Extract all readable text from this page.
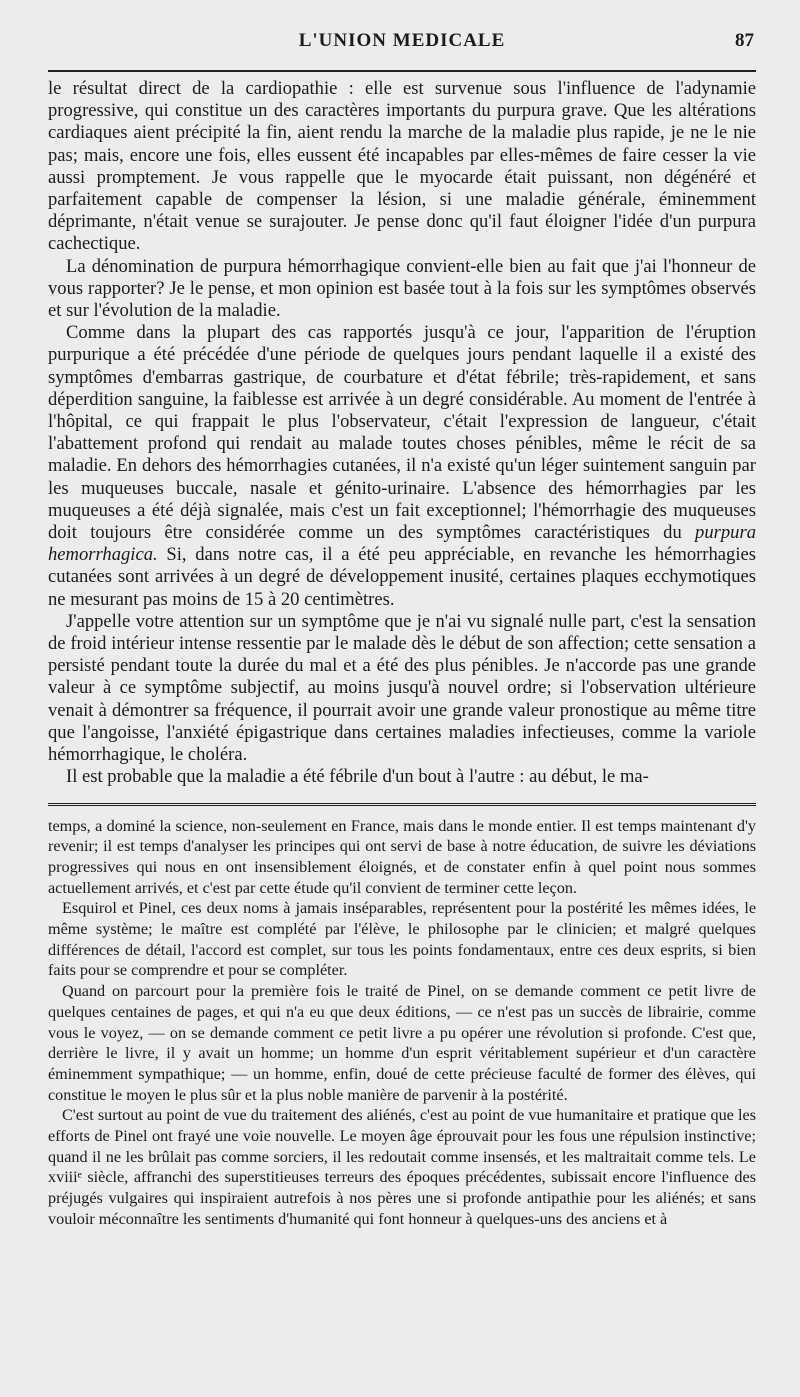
L'UNION MEDICALE	87

le résultat direct de la cardiopathie : elle est survenue sous l'influence de l'adynamie progressive, qui constitue un des caractères importants du purpura grave. Que les altérations cardiaques aient précipité la fin, aient rendu la marche de la maladie plus rapide, je ne le nie pas; mais, encore une fois, elles eussent été incapables par elles-mêmes de faire cesser la vie aussi promptement. Je vous rappelle que le myocarde était puissant, non dégénéré et parfaitement capable de compenser la lésion, si une maladie générale, éminemment déprimante, n'était venue se surajouter. Je pense donc qu'il faut éloigner l'idée d'un purpura cachectique.

La dénomination de purpura hémorrhagique convient-elle bien au fait que j'ai l'honneur de vous rapporter? Je le pense, et mon opinion est basée tout à la fois sur les symptômes observés et sur l'évolution de la maladie.

Comme dans la plupart des cas rapportés jusqu'à ce jour, l'apparition de l'éruption purpurique a été précédée d'une période de quelques jours pendant laquelle il a existé des symptômes d'embarras gastrique, de courbature et d'état fébrile; très-rapidement, et sans déperdition sanguine, la faiblesse est arrivée à un degré considérable. Au moment de l'entrée à l'hôpital, ce qui frappait le plus l'observateur, c'était l'expression de langueur, c'était l'abattement profond qui rendait au malade toutes choses pénibles, même le récit de sa maladie. En dehors des hémorrhagies cutanées, il n'a existé qu'un léger suintement sanguin par les muqueuses buccale, nasale et génito-urinaire. L'absence des hémorrhagies par les muqueuses a été déjà signalée, mais c'est un fait exceptionnel; l'hémorrhagie des muqueuses doit toujours être considérée comme un des symptômes caractéristiques du purpura hemorrhagica. Si, dans notre cas, il a été peu appréciable, en revanche les hémorrhagies cutanées sont arrivées à un degré de développement inusité, certaines plaques ecchymotiques ne mesurant pas moins de 15 à 20 centimètres.

J'appelle votre attention sur un symptôme que je n'ai vu signalé nulle part, c'est la sensation de froid intérieur intense ressentie par le malade dès le début de son affection; cette sensation a persisté pendant toute la durée du mal et a été des plus pénibles. Je n'accorde pas une grande valeur à ce symptôme subjectif, au moins jusqu'à nouvel ordre; si l'observation ultérieure venait à démontrer sa fréquence, il pourrait avoir une grande valeur pronostique au même titre que l'angoisse, l'anxiété épigastrique dans certaines maladies infectieuses, comme la variole hémorrhagique, le choléra.

Il est probable que la maladie a été fébrile d'un bout à l'autre : au début, le ma-

temps, a dominé la science, non-seulement en France, mais dans le monde entier. Il est temps maintenant d'y revenir; il est temps d'analyser les principes qui ont servi de base à notre éducation, de suivre les déviations progressives qui nous en ont insensiblement éloignés, et de constater enfin à quel point nous sommes actuellement arrivés, et c'est par cette étude qu'il convient de terminer cette leçon.

Esquirol et Pinel, ces deux noms à jamais inséparables, représentent pour la postérité les mêmes idées, le même système; le maître est complété par l'élève, le philosophe par le clinicien; et malgré quelques différences de détail, l'accord est complet, sur tous les points fondamentaux, entre ces deux esprits, si bien faits pour se comprendre et pour se compléter.

Quand on parcourt pour la première fois le traité de Pinel, on se demande comment ce petit livre de quelques centaines de pages, et qui n'a eu que deux éditions, — ce n'est pas un succès de librairie, comme vous le voyez, — on se demande comment ce petit livre a pu opérer une révolution si profonde. C'est que, derrière le livre, il y avait un homme; un homme d'un esprit véritablement supérieur et d'un caractère éminemment sympathique; — un homme, enfin, doué de cette précieuse faculté de former des élèves, qui constitue le moyen le plus sûr et la plus noble manière de parvenir à la postérité.

C'est surtout au point de vue du traitement des aliénés, c'est au point de vue humanitaire et pratique que les efforts de Pinel ont frayé une voie nouvelle. Le moyen âge éprouvait pour les fous une répulsion instinctive; quand il ne les brûlait pas comme sorciers, il les redoutait comme insensés, et les maltraitait comme tels. Le xviiiᵉ siècle, affranchi des superstitieuses terreurs des époques précédentes, subissait encore l'influence des préjugés vulgaires qui inspiraient autrefois à nos pères une si profonde antipathie pour les aliénés; et sans vouloir méconnaître les sentiments d'humanité qui font honneur à quelques-uns des anciens et à
